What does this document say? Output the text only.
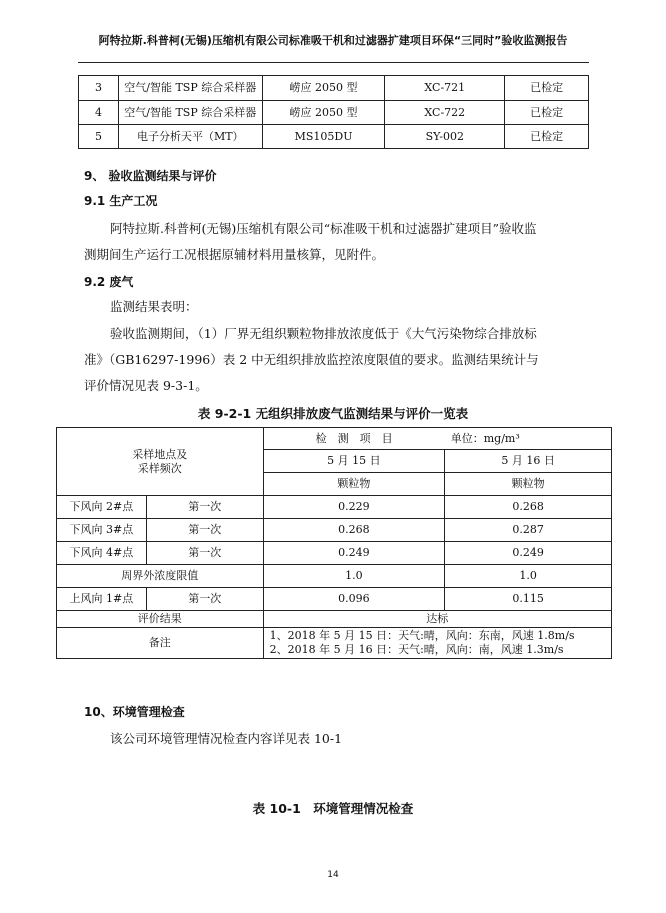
阿特拉斯.科普柯(无锡)压缩机有限公司标准吸干机和过滤器扩建项目环保“三同时”验收监测报告
3	空气/智能 TSP 综合采样器	崂应 2050 型	XC-721	已检定
4	空气/智能 TSP 综合采样器	崂应 2050 型	XC-722	已检定
5	电子分析天平（MT）	MS105DU	SY-002	已检定
9、 验收监测结果与评价
9.1 生产工况
阿特拉斯.科普柯(无锡)压缩机有限公司“标准吸干机和过滤器扩建项目”验收监
测期间生产运行工况根据原辅材料用量核算，见附件。
9.2 废气
监测结果表明：
验收监测期间，（1）厂界无组织颗粒物排放浓度低于《大气污染物综合排放标
准》（GB16297-1996）表 2 中无组织排放监控浓度限值的要求。监测结果统计与
评价情况见表 9-3-1。
表 9-2-1 无组织排放废气监测结果与评价一览表
采样地点及
采样频次		检　测　项　目	单位：mg/m³
		5 月 15 日	5 月 16 日
		颗粒物	颗粒物
下风向 2#点	第一次	0.229	0.268
下风向 3#点	第一次	0.268	0.287
下风向 4#点	第一次	0.249	0.249
周界外浓度限值		1.0	1.0
上风向 1#点	第一次	0.096	0.115
评价结果		达标	
备注		1、2018 年 5 月 15 日：天气:晴，风向：东南，风速 1.8m/s
2、2018 年 5 月 16 日：天气:晴，风向：南，风速 1.3m/s	
10、环境管理检查
该公司环境管理情况检查内容详见表 10-1
表 10-1　环境管理情况检查
14
